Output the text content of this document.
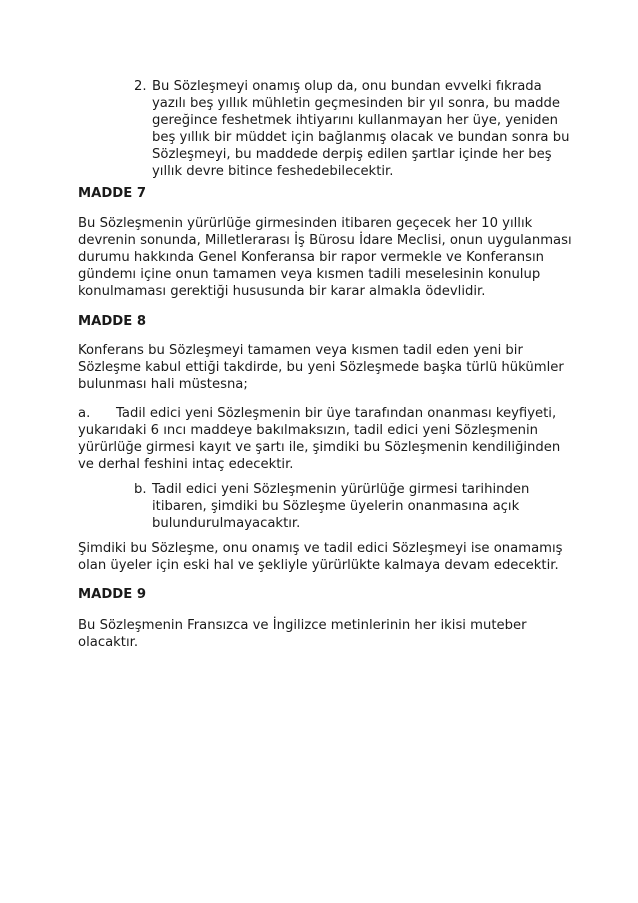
2. Bu Sözleşmeyi onamış olup da, onu bundan evvelki fıkrada yazılı beş yıllık mühletin geçmesinden bir yıl sonra, bu madde gereğince feshetmek ihtiyarını kullanmayan her üye, yeniden beş yıllık bir müddet için bağlanmış olacak ve bundan sonra bu Sözleşmeyi, bu maddede derpiş edilen şartlar içinde her beş yıllık devre bitince feshedebilecektir.
MADDE 7
Bu Sözleşmenin yürürlüğe girmesinden itibaren geçecek her 10 yıllık devrenin sonunda, Milletlerarası İş Bürosu İdare Meclisi, onun uygulanması durumu hakkında Genel Konferansa bir rapor vermekle ve Konferansın gündemı içine onun tamamen veya kısmen tadili meselesinin konulup konulmaması gerektiği hususunda bir karar almakla ödevlidir.
MADDE 8
Konferans bu Sözleşmeyi tamamen veya kısmen tadil eden yeni bir Sözleşme kabul ettiği takdirde, bu yeni Sözleşmede başka türlü hükümler bulunması hali müstesna;
a. Tadil edici yeni Sözleşmenin bir üye tarafından onanması keyfiyeti, yukarıdaki 6 ıncı maddeye bakılmaksızın, tadil edici yeni Sözleşmenin yürürlüğe girmesi kayıt ve şartı ile, şimdiki bu Sözleşmenin kendiliğinden ve derhal feshini intaç edecektir.
b. Tadil edici yeni Sözleşmenin yürürlüğe girmesi tarihinden itibaren, şimdiki bu Sözleşme üyelerin onanmasına açık bulundurulmayacaktır.
Şimdiki bu Sözleşme, onu onamış ve tadil edici Sözleşmeyi ise onamamış olan üyeler için eski hal ve şekliyle yürürlükte kalmaya devam edecektir.
MADDE 9
Bu Sözleşmenin Fransızca ve İngilizce metinlerinin her ikisi muteber olacaktır.
